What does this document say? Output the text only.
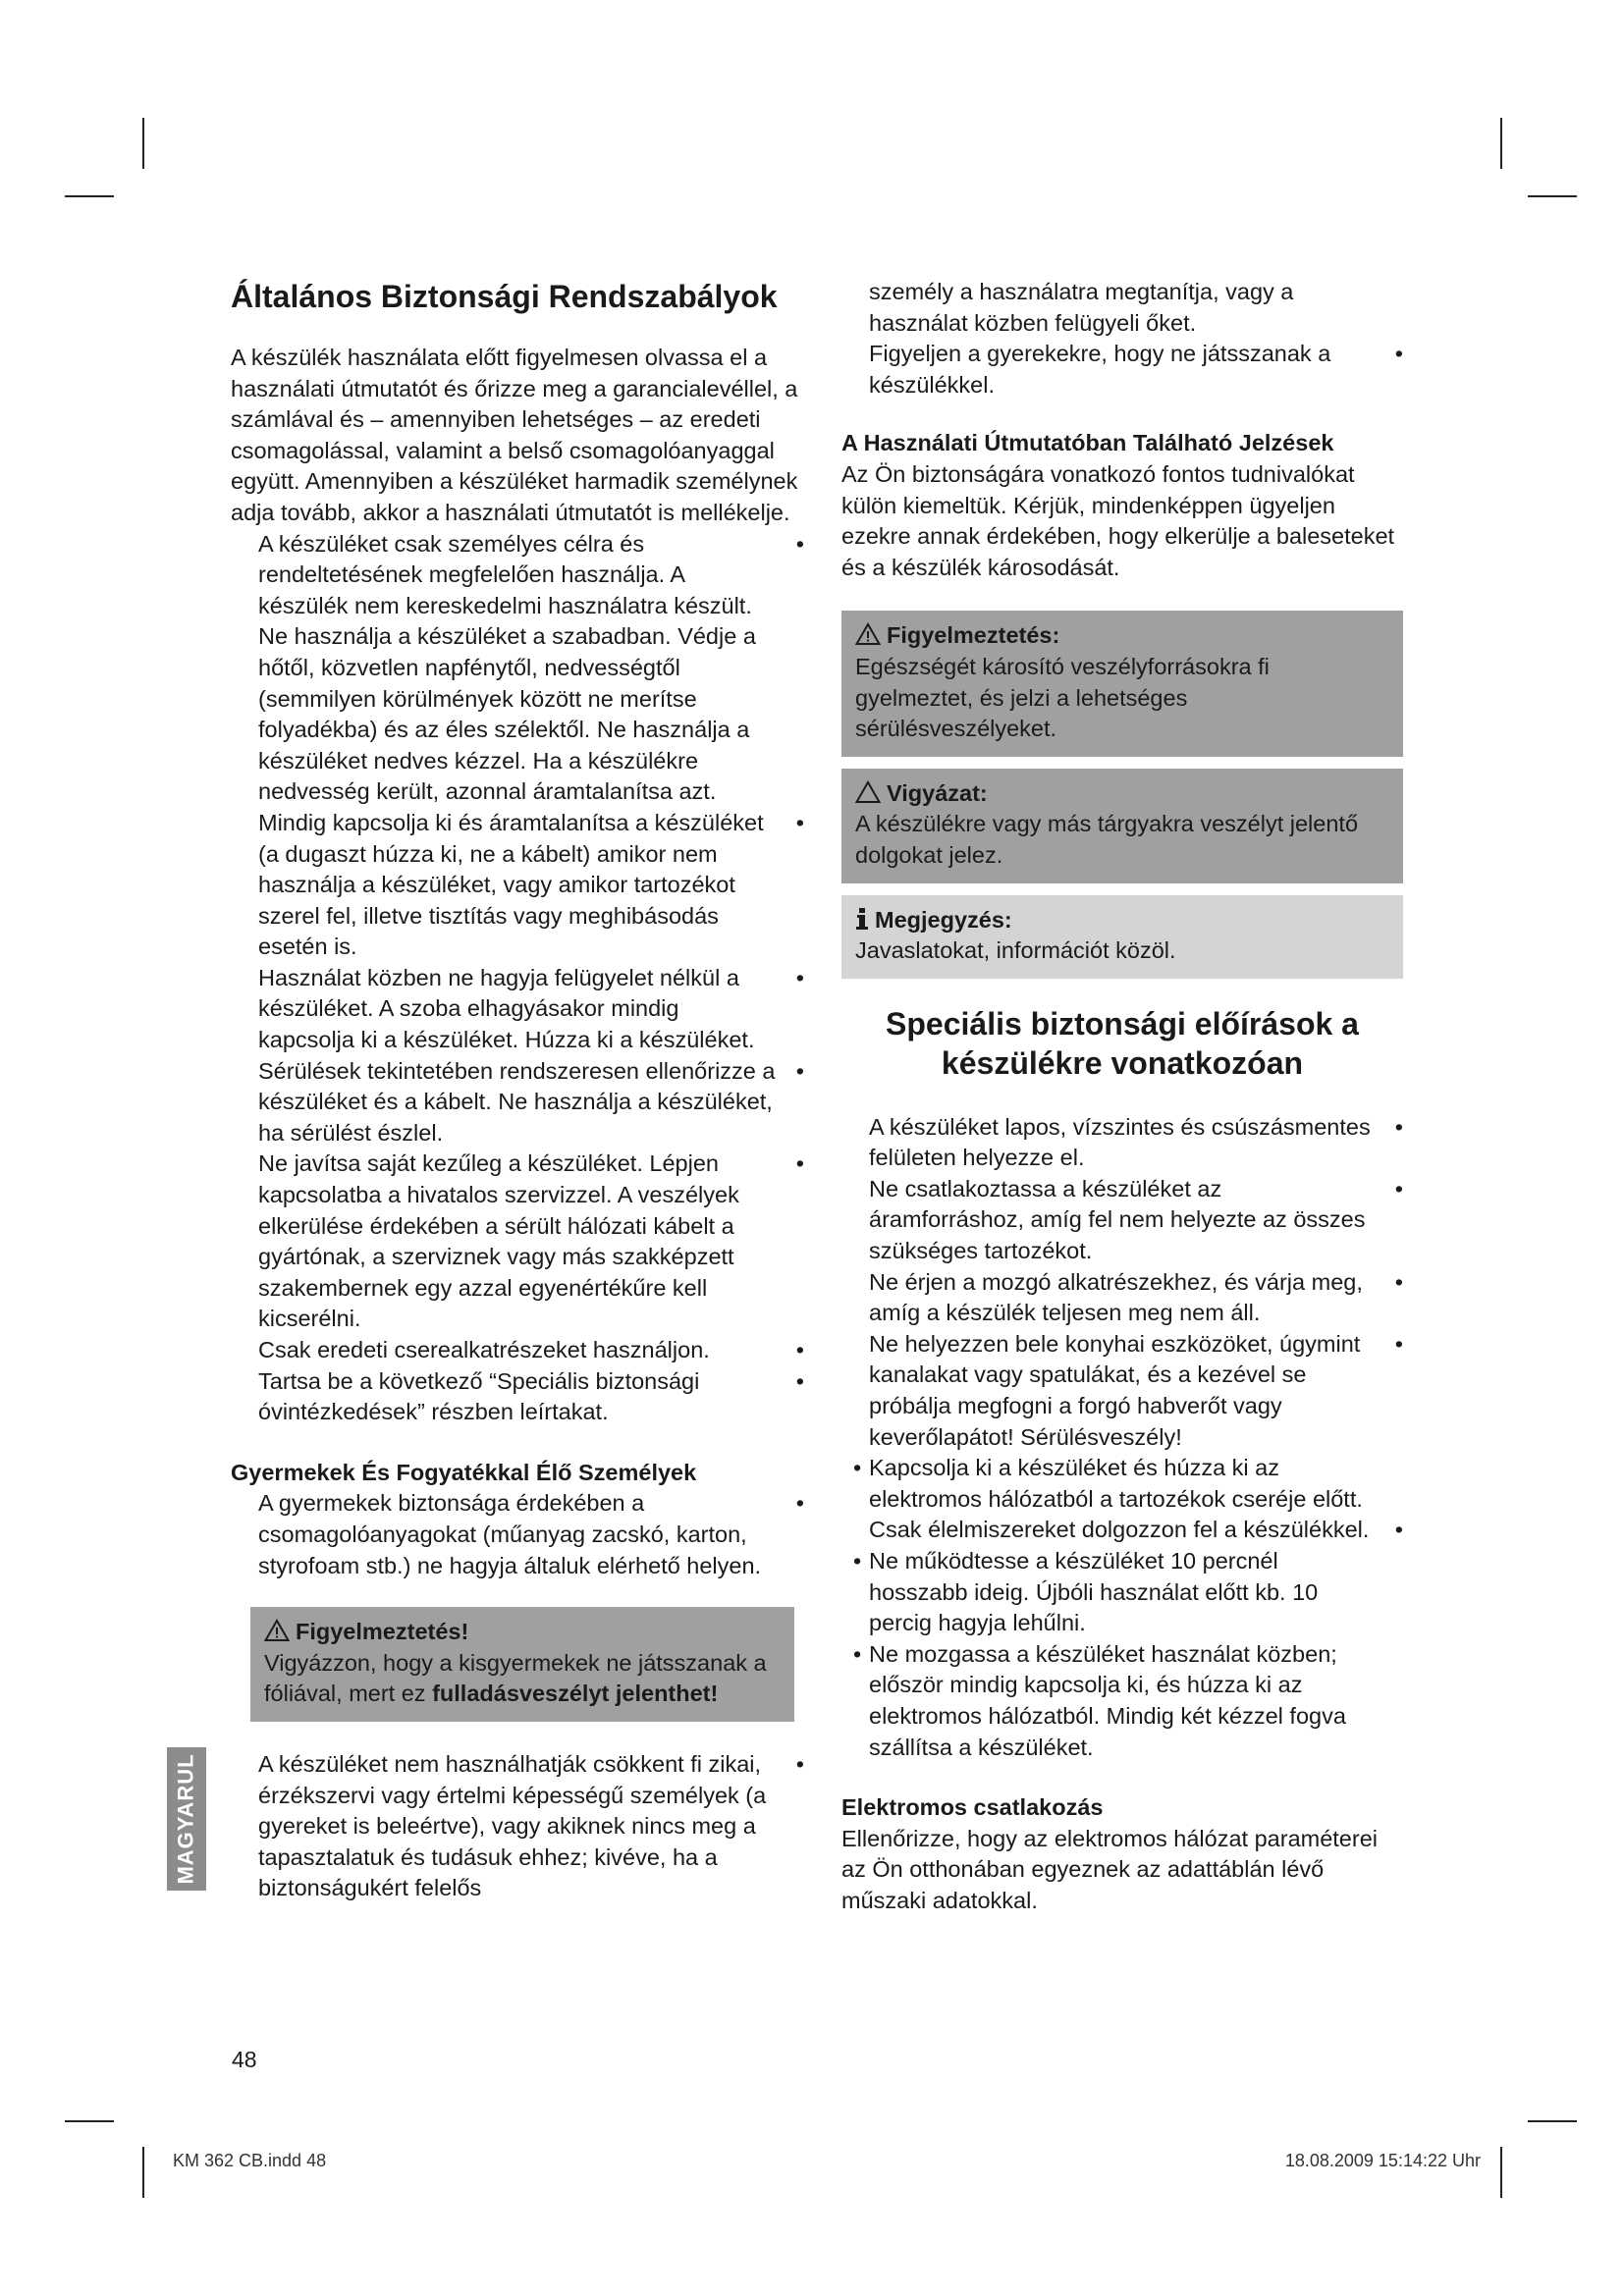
Általános Biztonsági Rendszabályok

A készülék használata előtt figyelmesen olvassa el a használati útmutatót és őrizze meg a garancialevéllel, a számlával és – amennyiben lehetséges – az eredeti csomagolással, valamint a belső csomagolóanyaggal együtt. Amennyiben a készüléket harmadik személynek adja tovább, akkor a használati útmutatót is mellékelje.

A készüléket csak személyes célra és rendeltetésének megfelelően használja. A készülék nem kereskedelmi használatra készült.
•
Ne használja a készüléket a szabadban. Védje a hőtől, közvetlen napfénytől, nedvességtől (semmilyen körülmények között ne merítse folyadékba) és az éles szélektől. Ne használja a készüléket nedves kézzel. Ha a készülékre nedvesség került, azonnal áramtalanítsa azt.
Mindig kapcsolja ki és áramtalanítsa a készüléket (a dugaszt húzza ki, ne a kábelt) amikor nem használja a készüléket, vagy amikor tartozékot szerel fel, illetve tisztítás vagy meghibásodás esetén is.
•
Használat közben ne hagyja felügyelet nélkül a készüléket. A szoba elhagyásakor mindig kapcsolja ki a készüléket. Húzza ki a készüléket.
•
Sérülések tekintetében rendszeresen ellenőrizze a készüléket és a kábelt. Ne használja a készüléket, ha sérülést észlel.
•
Ne javítsa saját kezűleg a készüléket. Lépjen kapcsolatba a hivatalos szervizzel. A veszélyek elkerülése érdekében a sérült hálózati kábelt a gyártónak, a szerviznek vagy más szakképzett szakembernek egy azzal egyenértékűre kell kicserélni.
•
Csak eredeti cserealkatrészeket használjon.	•
Tartsa be a következő “Speciális biztonsági óvintézkedések” részben leírtakat.
•
Gyermekek És Fogyatékkal Élő Személyek
A gyermekek biztonsága érdekében a csomagolóanyagokat (műanyag zacskó, karton, styrofoam stb.) ne hagyja általuk elérhető helyen.
•
Figyelmeztetés!
Vigyázzon, hogy a kisgyermekek ne játsszanak a fóliával, mert ez fulladásveszélyt jelenthet!
A készüléket nem használhatják csökkent fi zikai, érzékszervi vagy értelmi képességű személyek (a gyereket is beleértve), vagy akiknek nincs meg a tapasztalatuk és tudásuk ehhez; kivéve, ha a biztonságukért felelős
•
személy a használatra megtanítja, vagy a használat közben felügyeli őket.
Figyeljen a gyerekekre, hogy ne játsszanak a készülékkel.
•
A Használati Útmutatóban Található Jelzések

Az Ön biztonságára vonatkozó fontos tudnivalókat külön kiemeltük. Kérjük, mindenképpen ügyeljen ezekre annak érdekében, hogy elkerülje a baleseteket és a készülék károsodását.

Figyelmeztetés:
Egészségét károsító veszélyforrásokra fi gyelmeztet, és jelzi a lehetséges sérülésveszélyeket.
Vigyázat:
A készülékre vagy más tárgyakra veszélyt jelentő dolgokat jelez.
Megjegyzés:
Javaslatokat, információt közöl.
Speciális biztonsági előírások a
készülékre vonatkozóan
A készüléket lapos, vízszintes és csúszásmentes felületen helyezze el.
•
Ne csatlakoztassa a készüléket az áramforráshoz, amíg fel nem helyezte az összes szükséges tartozékot.
•
Ne érjen a mozgó alkatrészekhez, és várja meg, amíg a készülék teljesen meg nem áll.
•
Ne helyezzen bele konyhai eszközöket, úgymint kanalakat vagy spatulákat, és a kezével se próbálja megfogni a forgó habverőt vagy keverőlapátot! Sérülésveszély!
•
• Kapcsolja ki a készüléket és húzza ki az elektromos hálózatból a tartozékok cseréje előtt.
Csak élelmiszereket dolgozzon fel a készülékkel. •
• Ne működtesse a készüléket 10 percnél hosszabb ideig. Újbóli használat előtt kb. 10 percig hagyja lehűlni.
• Ne mozgassa a készüléket használat közben; először mindig kapcsolja ki, és húzza ki az elektromos hálózatból. Mindig két kézzel fogva szállítsa a készüléket.
Elektromos csatlakozás

Ellenőrizze, hogy az elektromos hálózat paraméterei az Ön otthonában egyeznek az adattáblán lévő műszaki adatokkal.

MAGYARUL
48
KM 362 CB.indd 48	18.08.2009 15:14:22 Uhr
